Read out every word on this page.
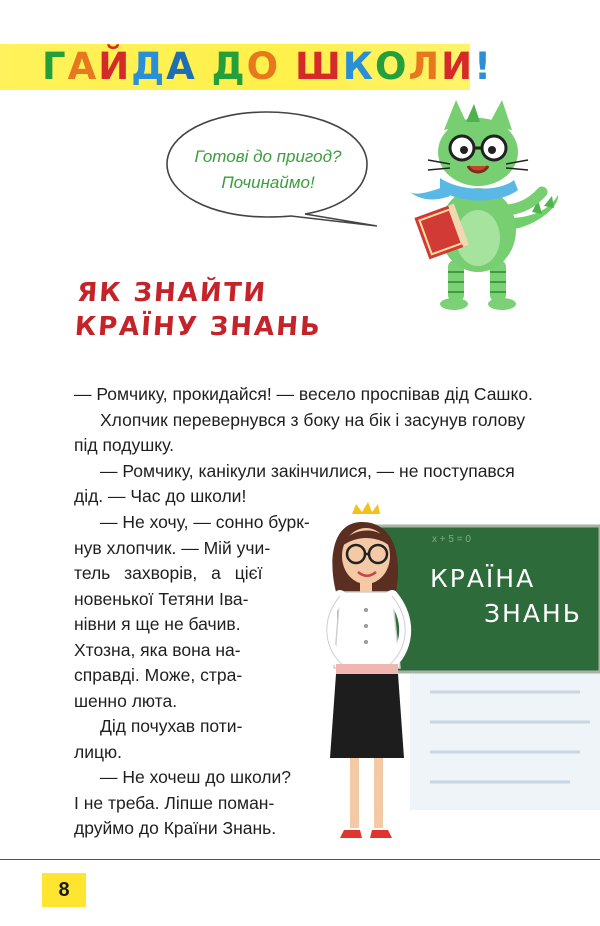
ГАЙДА ДО ШКОЛИ!
Готові до пригод?
Починаймо!
ЯК ЗНАЙТИ
КРАЇНУ ЗНАНЬ
— Ромчику, прокидайся! — весело проспівав дід Сашко.
Хлопчик перевернувся з боку на бік і засунув голову
під подушку.
— Ромчику, канікули закінчилися, — не поступався
дід. — Час до школи!
— Не хочу, — сонно бурк-
нув хлопчик. — Мій учи-
тель захворів, а цієї
новенької Тетяни Іва-
нівни я ще не бачив.
Хтозна, яка вона на-
справді. Може, стра-
шенно люта.
Дід почухав поти-
лицю.
— Не хочеш до школи?
І не треба. Ліпше поман-
друймо до Країни Знань.
x + 5 = 0
КРАЇНА
ЗНАНЬ
8
